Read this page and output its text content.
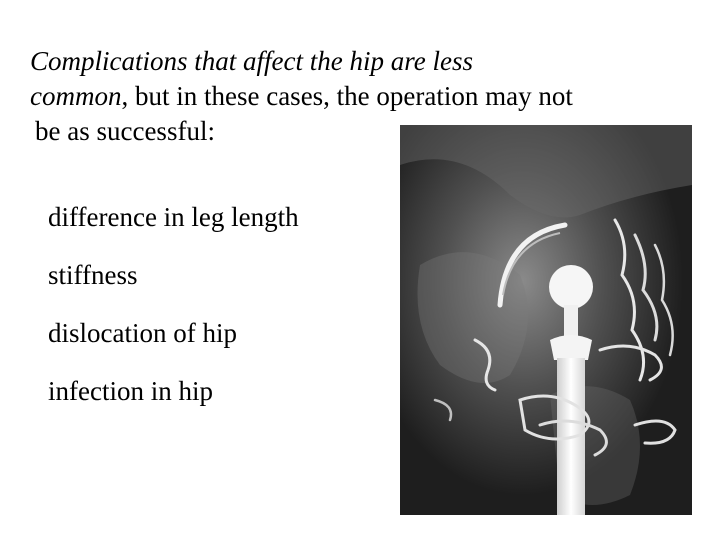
Complications that affect the hip are less
common, but in these cases, the operation may not
be as successful:
difference in leg length
stiffness
dislocation of hip
infection in hip
